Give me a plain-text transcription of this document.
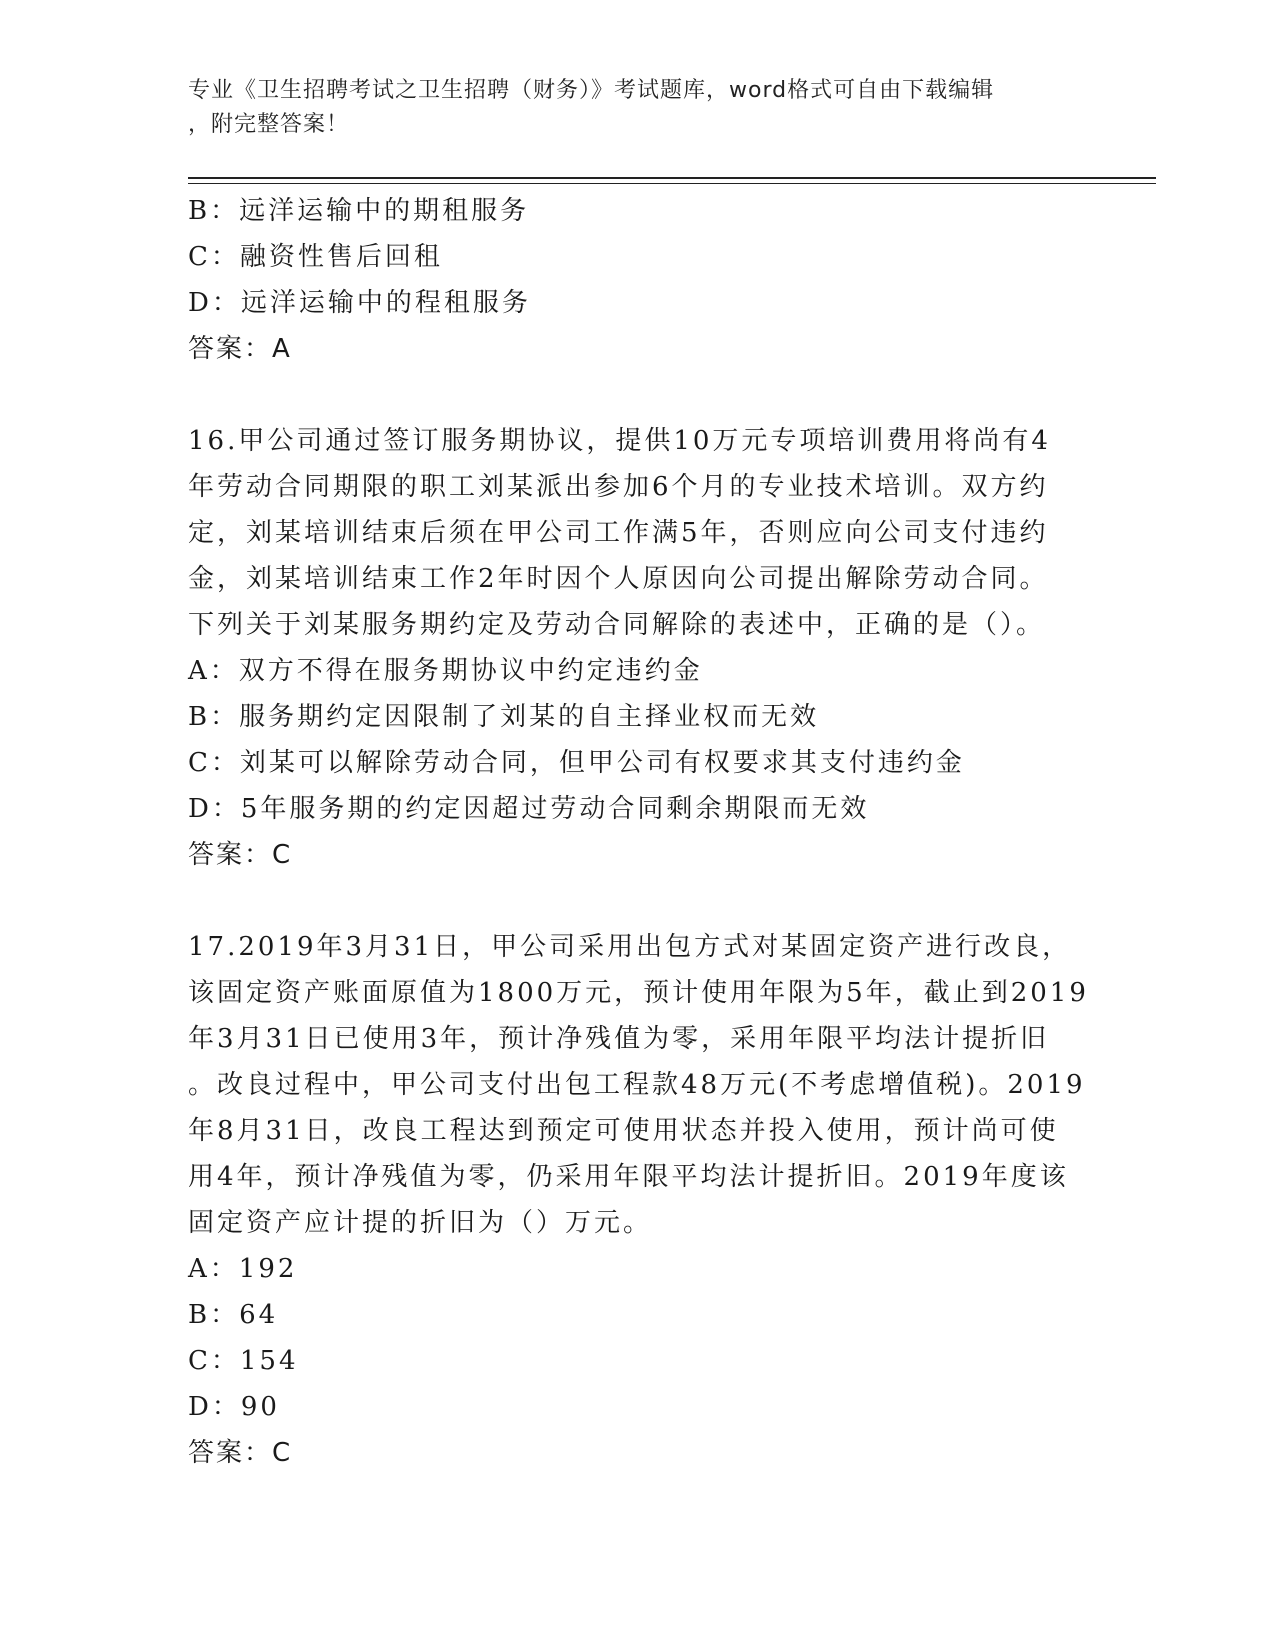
专业《卫生招聘考试之卫生招聘（财务）》考试题库，word格式可自由下载编辑
，附完整答案！
B：远洋运输中的期租服务
C：融资性售后回租
D：远洋运输中的程租服务
答案：A
16.甲公司通过签订服务期协议，提供10万元专项培训费用将尚有4
年劳动合同期限的职工刘某派出参加6个月的专业技术培训。双方约
定，刘某培训结束后须在甲公司工作满5年，否则应向公司支付违约
金，刘某培训结束工作2年时因个人原因向公司提出解除劳动合同。
下列关于刘某服务期约定及劳动合同解除的表述中，正确的是（）。
A：双方不得在服务期协议中约定违约金
B：服务期约定因限制了刘某的自主择业权而无效
C：刘某可以解除劳动合同，但甲公司有权要求其支付违约金
D：5年服务期的约定因超过劳动合同剩余期限而无效
答案：C
17.2019年3月31日，甲公司采用出包方式对某固定资产进行改良，
该固定资产账面原值为1800万元，预计使用年限为5年，截止到2019
年3月31日已使用3年，预计净残值为零，采用年限平均法计提折旧
。改良过程中，甲公司支付出包工程款48万元(不考虑增值税)。2019
年8月31日，改良工程达到预定可使用状态并投入使用，预计尚可使
用4年，预计净残值为零，仍采用年限平均法计提折旧。2019年度该
固定资产应计提的折旧为（）万元。
A：192
B：64
C：154
D：90
答案：C
